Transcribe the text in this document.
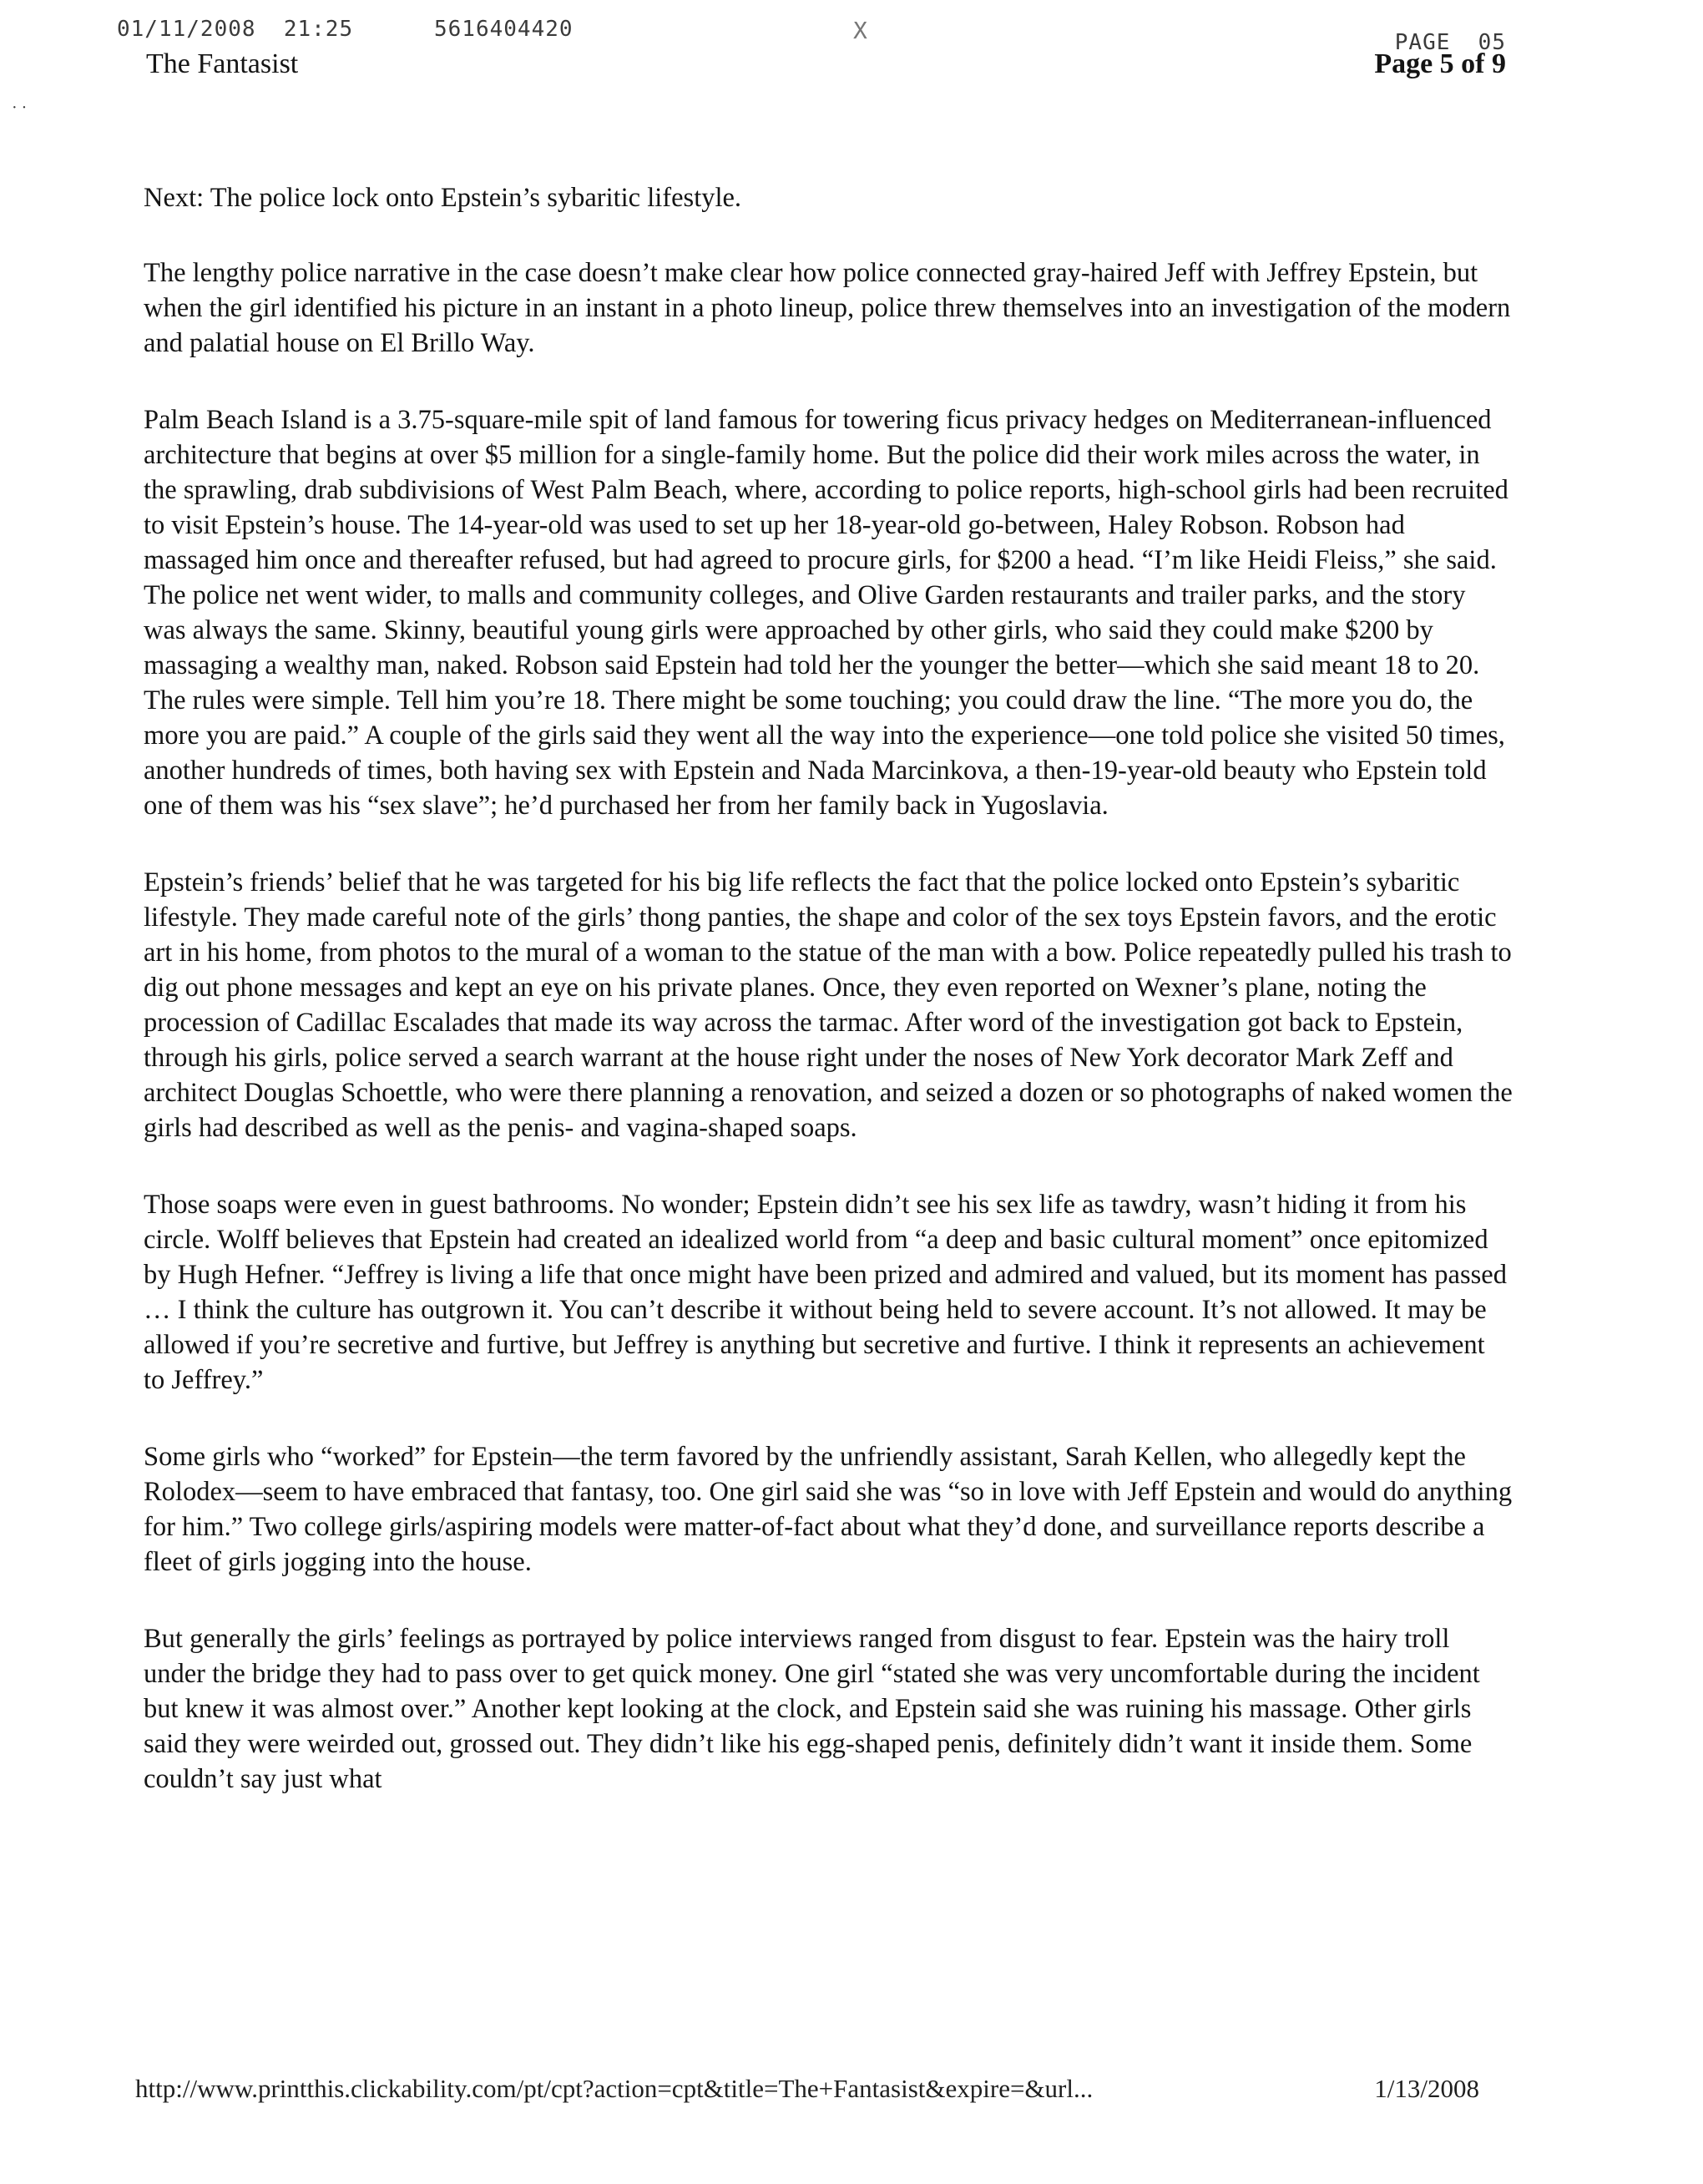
01/11/2008  21:25	5616404420	X	PAGE  05
The Fantasist	Page 5 of 9
· ·

Next: The police lock onto Epstein’s sybaritic lifestyle.

The lengthy police narrative in the case doesn’t make clear how police connected gray-haired Jeff with Jeffrey Epstein, but when the girl identified his picture in an instant in a photo lineup, police threw themselves into an investigation of the modern and palatial house on El Brillo Way.

Palm Beach Island is a 3.75-square-mile spit of land famous for towering ficus privacy hedges on Mediterranean-influenced architecture that begins at over $5 million for a single-family home. But the police did their work miles across the water, in the sprawling, drab subdivisions of West Palm Beach, where, according to police reports, high-school girls had been recruited to visit Epstein’s house. The 14-year-old was used to set up her 18-year-old go-between, Haley Robson. Robson had massaged him once and thereafter refused, but had agreed to procure girls, for $200 a head. “I’m like Heidi Fleiss,” she said. The police net went wider, to malls and community colleges, and Olive Garden restaurants and trailer parks, and the story was always the same. Skinny, beautiful young girls were approached by other girls, who said they could make $200 by massaging a wealthy man, naked. Robson said Epstein had told her the younger the better—which she said meant 18 to 20. The rules were simple. Tell him you’re 18. There might be some touching; you could draw the line. “The more you do, the more you are paid.” A couple of the girls said they went all the way into the experience—one told police she visited 50 times, another hundreds of times, both having sex with Epstein and Nada Marcinkova, a then-19-year-old beauty who Epstein told one of them was his “sex slave”; he’d purchased her from her family back in Yugoslavia.

Epstein’s friends’ belief that he was targeted for his big life reflects the fact that the police locked onto Epstein’s sybaritic lifestyle. They made careful note of the girls’ thong panties, the shape and color of the sex toys Epstein favors, and the erotic art in his home, from photos to the mural of a woman to the statue of the man with a bow. Police repeatedly pulled his trash to dig out phone messages and kept an eye on his private planes. Once, they even reported on Wexner’s plane, noting the procession of Cadillac Escalades that made its way across the tarmac. After word of the investigation got back to Epstein, through his girls, police served a search warrant at the house right under the noses of New York decorator Mark Zeff and architect Douglas Schoettle, who were there planning a renovation, and seized a dozen or so photographs of naked women the girls had described as well as the penis- and vagina-shaped soaps.

Those soaps were even in guest bathrooms. No wonder; Epstein didn’t see his sex life as tawdry, wasn’t hiding it from his circle. Wolff believes that Epstein had created an idealized world from “a deep and basic cultural moment” once epitomized by Hugh Hefner. “Jeffrey is living a life that once might have been prized and admired and valued, but its moment has passed … I think the culture has outgrown it. You can’t describe it without being held to severe account. It’s not allowed. It may be allowed if you’re secretive and furtive, but Jeffrey is anything but secretive and furtive. I think it represents an achievement to Jeffrey.”

Some girls who “worked” for Epstein—the term favored by the unfriendly assistant, Sarah Kellen, who allegedly kept the Rolodex—seem to have embraced that fantasy, too. One girl said she was “so in love with Jeff Epstein and would do anything for him.” Two college girls/aspiring models were matter-of-fact about what they’d done, and surveillance reports describe a fleet of girls jogging into the house.

But generally the girls’ feelings as portrayed by police interviews ranged from disgust to fear. Epstein was the hairy troll under the bridge they had to pass over to get quick money. One girl “stated she was very uncomfortable during the incident but knew it was almost over.” Another kept looking at the clock, and Epstein said she was ruining his massage. Other girls said they were weirded out, grossed out. They didn’t like his egg-shaped penis, definitely didn’t want it inside them. Some couldn’t say just what

http://www.printthis.clickability.com/pt/cpt?action=cpt&title=The+Fantasist&expire=&url...	1/13/2008
